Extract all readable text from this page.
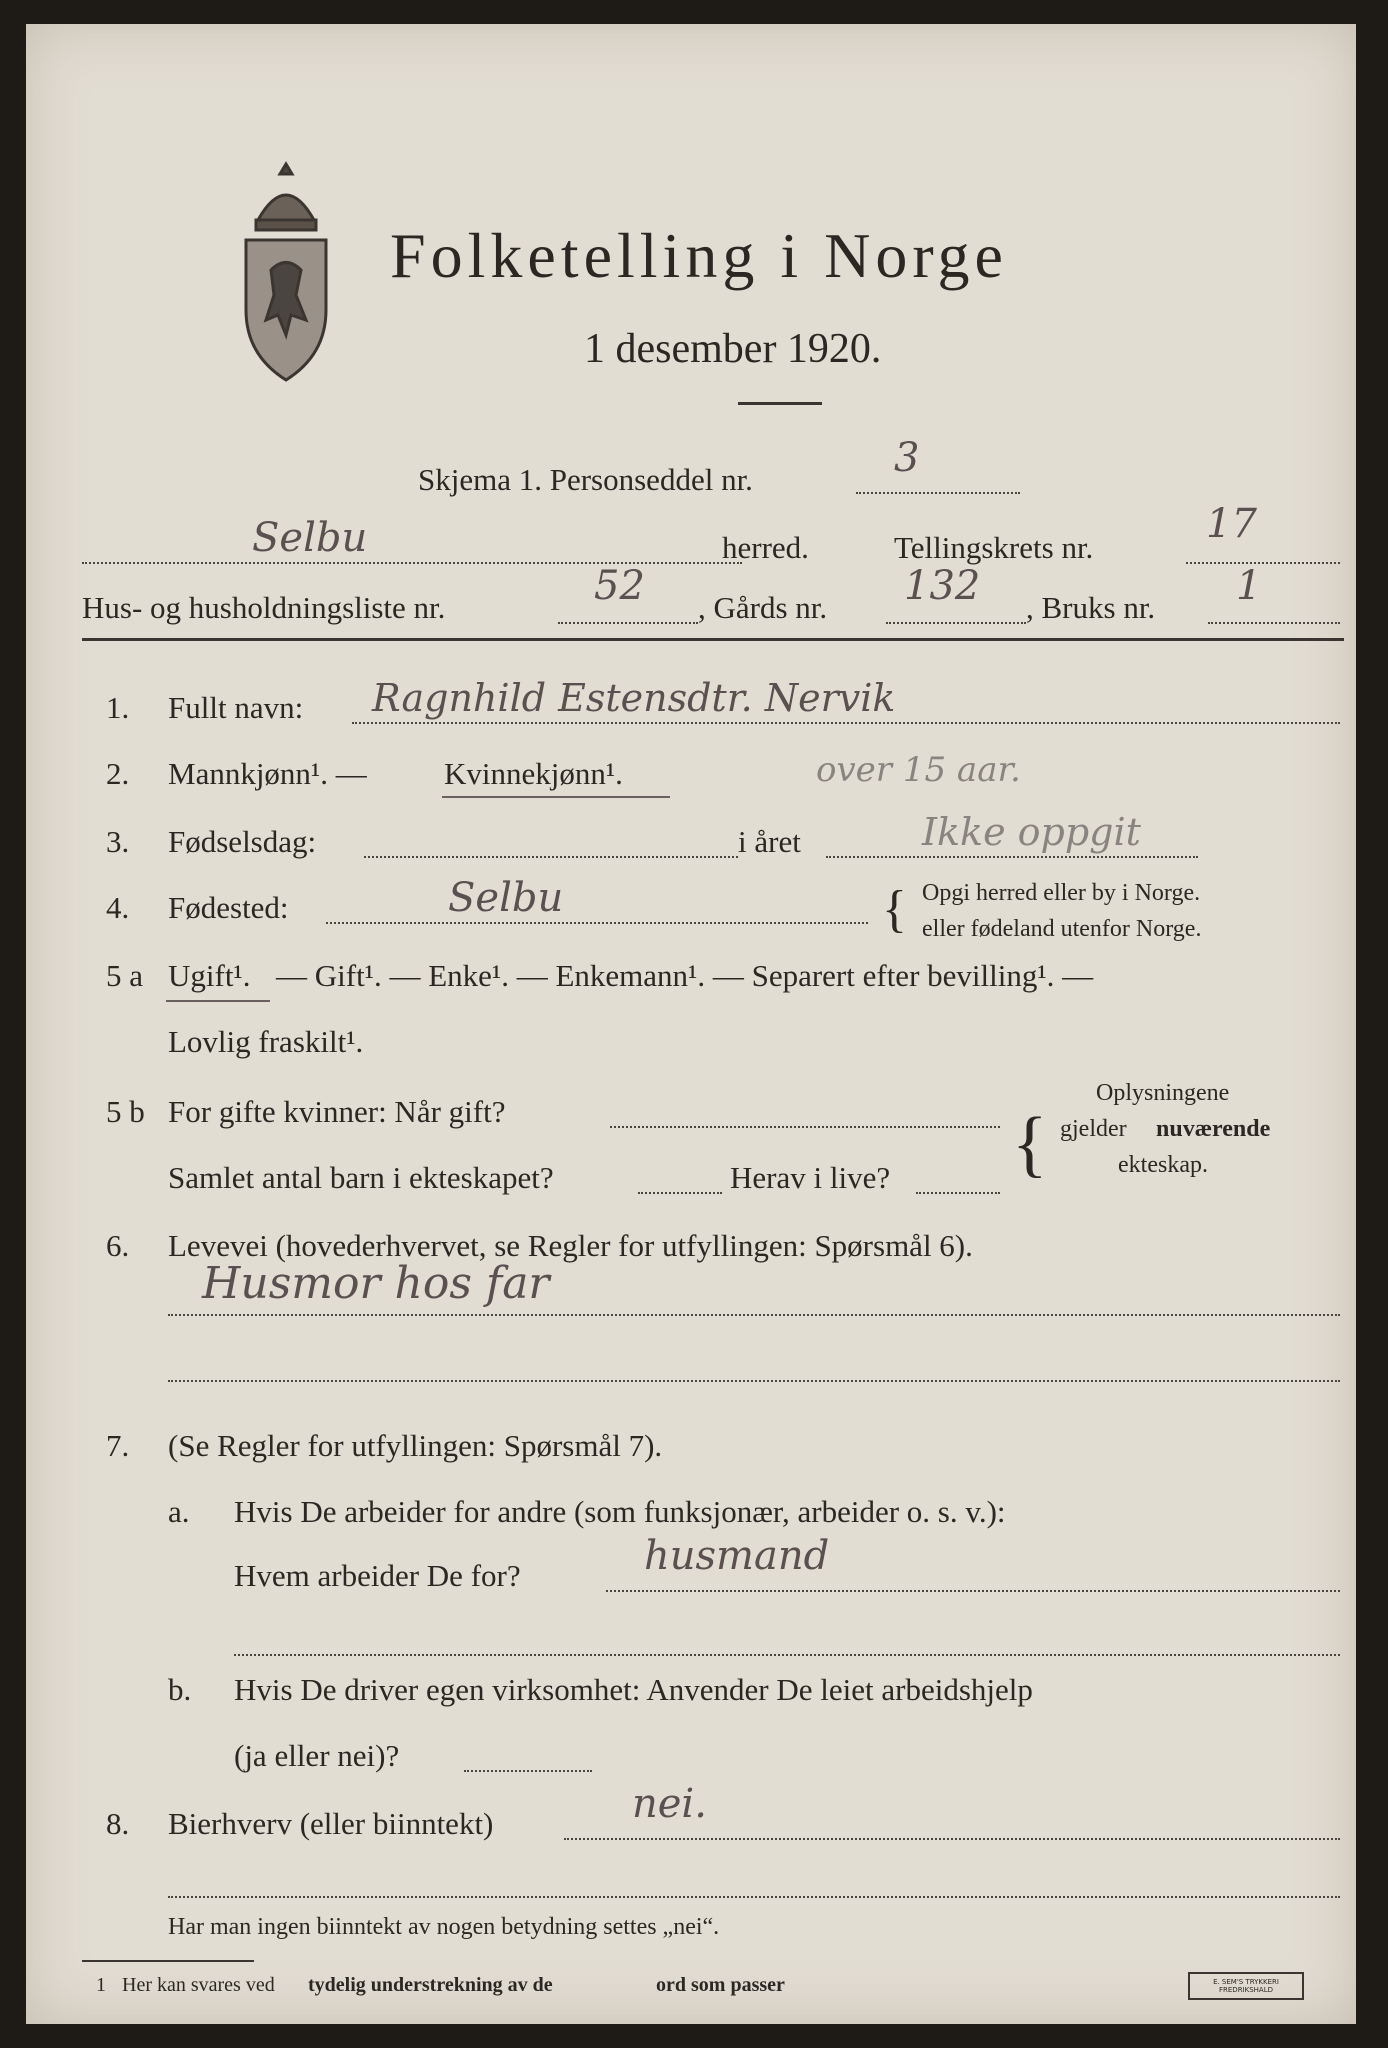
Folketelling i Norge
1 desember 1920.
Skjema 1. Personseddel nr.	3
Selbu	herred.	Tellingskrets nr.
17
Hus- og husholdningsliste nr.	52 , Gårds nr. 132 , Bruks nr. 1
1. Fullt navn: Ragnhild Estensdtr. Nervik
2. Mannkjønn¹. — Kvinnekjønn¹.	over 15 aar.
3. Fødselsdag:	i året	Ikke oppgit
4. Fødested:	Selbu	{ Opgi herred eller by i Norge.
eller fødeland utenfor Norge.
5 a Ugift¹. — Gift¹. — Enke¹. — Enkemann¹. — Separert efter bevilling¹. —
Lovlig fraskilt¹.
5 b For gifte kvinner: Når gift?
Samlet antal barn i ekteskapet?	Herav i live? {
Oplysningene
gjelder nuværende
ekteskap.
6. Levevei (hovederhvervet, se Regler for utfyllingen: Spørsmål 6).
Husmor hos far
7. (Se Regler for utfyllingen: Spørsmål 7).
a. Hvis De arbeider for andre (som funksjonær, arbeider o. s. v.):
Hvem arbeider De for?	husmand
b. Hvis De driver egen virksomhet: Anvender De leiet arbeidshjelp
(ja eller nei)?
8. Bierhverv (eller biinntekt)	nei.
Har man ingen biinntekt av nogen betydning settes „nei“.
1 Her kan svares ved tydelig understrekning av de	ord som passer	E. SEM'S TRYKKERI FREDRIKSHALD
